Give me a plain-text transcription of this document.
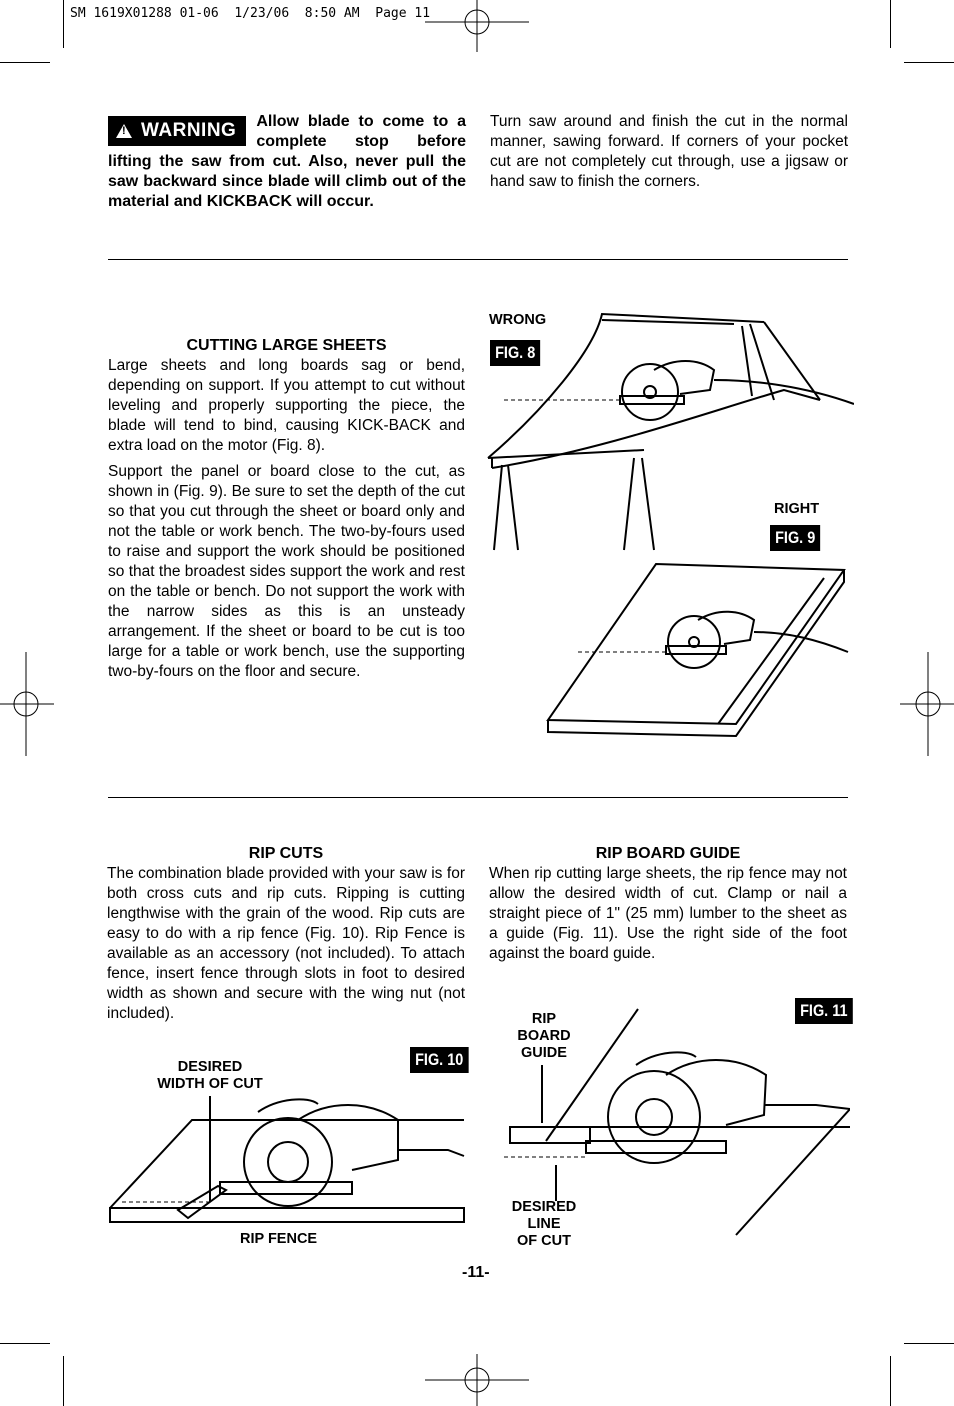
SM 1619X01288 01-06  1/23/06  8:50 AM  Page 11
! WARNING	Allow blade to come to a complete stop before lifting the saw from cut. Also, never pull the saw backward since blade will climb out of the material and KICKBACK will occur.

Turn saw around and finish the cut in the normal manner, sawing forward. If corners of your pocket cut are not completely cut through, use a jigsaw or hand saw to finish the corners.

CUTTING LARGE SHEETS

Large sheets and long boards sag or bend, depending on support. If you attempt to cut without leveling and properly supporting the piece, the blade will tend to bind, causing KICK-BACK and extra load on the motor (Fig. 8).

Support the panel or board close to the cut, as shown in (Fig. 9). Be sure to set the depth of the cut so that you cut through the sheet or board only and not the table or work bench. The two-by-fours used to raise and support the work should be positioned so that the broadest sides support the work and rest on the table or bench. Do not support the work with the narrow sides as this is an unsteady arrangement. If the sheet or board to be cut is too large for a table or work bench, use the supporting two-by-fours on the floor and secure.

WRONG
FIG. 8
RIGHT
FIG. 9

RIP CUTS

The combination blade provided with your saw is for both cross cuts and rip cuts. Ripping is cutting lengthwise with the grain of the wood. Rip cuts are easy to do with a rip fence (Fig. 10). Rip Fence is available as an accessory (not included). To attach fence, insert fence through slots in foot to desired width as shown and secure with the wing nut (not included).

RIP BOARD GUIDE

When rip cutting large sheets, the rip fence may not allow the desired width of cut. Clamp or nail a straight piece of 1" (25 mm) lumber to the sheet as a guide (Fig. 11). Use the right side of the foot against the board guide.

FIG. 10
DESIRED
WIDTH OF CUT
RIP FENCE
FIG. 11
RIP
BOARD
GUIDE
DESIRED
LINE
OF CUT
-11-
